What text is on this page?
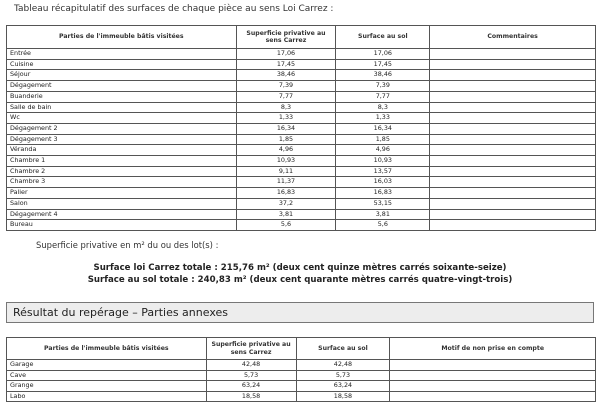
Tableau récapitulatif des surfaces de chaque pièce au sens Loi Carrez :
Parties de l'immeuble bâtis visitées	Superficie privative au sens Carrez	Surface au sol	Commentaires
Entrée	17,06	17,06	
Cuisine	17,45	17,45	
Séjour	38,46	38,46	
Dégagement	7,39	7,39	
Buanderie	7,77	7,77	
Salle de bain	8,3	8,3	
Wc	1,33	1,33	
Dégagement 2	16,34	16,34	
Dégagement 3	1,85	1,85	
Véranda	4,96	4,96	
Chambre 1	10,93	10,93	
Chambre 2	9,11	13,57	
Chambre 3	11,37	16,03	
Palier	16,83	16,83	
Salon	37,2	53,15	
Dégagement 4	3,81	3,81	
Bureau	5,6	5,6	
Superficie privative en m² du ou des lot(s) :
Surface loi Carrez totale : 215,76 m² (deux cent quinze mètres carrés soixante-seize)
Surface au sol totale : 240,83 m² (deux cent quarante mètres carrés quatre-vingt-trois)
Résultat du repérage – Parties annexes
Parties de l'immeuble bâtis visitées	Superficie privative au sens Carrez	Surface au sol	Motif de non prise en compte
Garage	42,48	42,48	
Cave	5,73	5,73	
Grange	63,24	63,24	
Labo	18,58	18,58	
